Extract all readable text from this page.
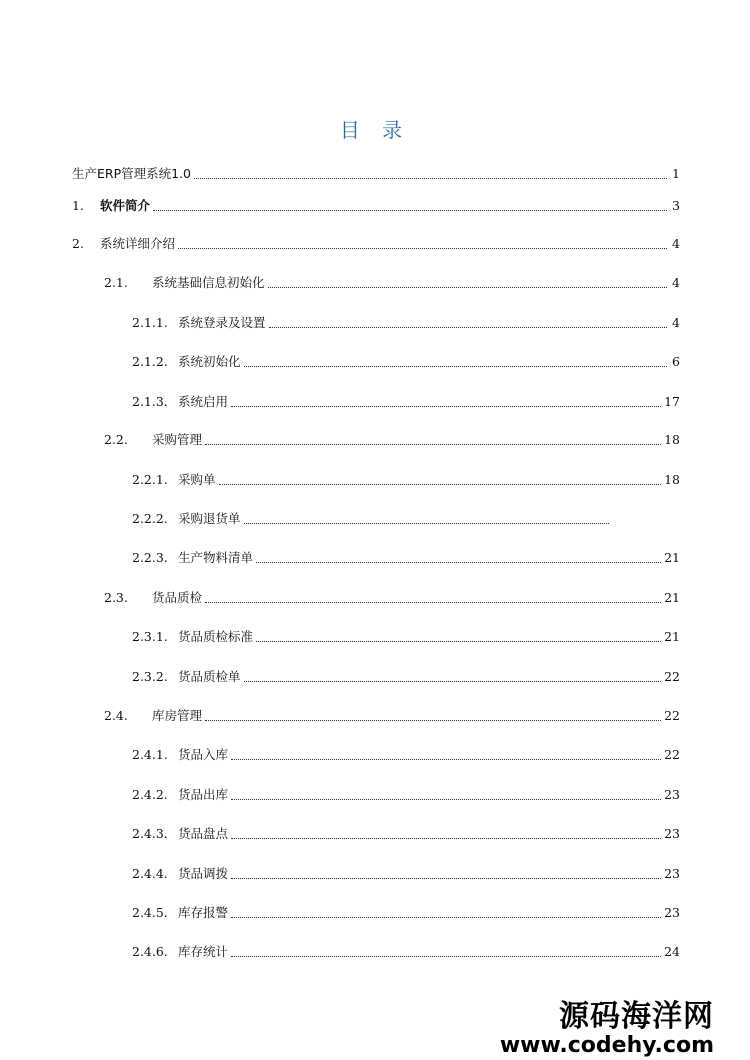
目 录
生产ERP管理系统1.0	1
1.	软件简介	3
2.	系统详细介绍	4
2.1.	系统基础信息初始化	4
2.1.1. 系统登录及设置	4
2.1.2. 系统初始化	6
2.1.3. 系统启用	17
2.2.	采购管理	18
2.2.1. 采购单	18
2.2.2. 采购退货单
2.2.3. 生产物料清单	21
2.3.	货品质检	21
2.3.1. 货品质检标准	21
2.3.2. 货品质检单	22
2.4.	库房管理	22
2.4.1. 货品入库	22
2.4.2. 货品出库	23
2.4.3. 货品盘点	23
2.4.4. 货品调拨	23
2.4.5. 库存报警	23
2.4.6. 库存统计	24
源码海洋网
www.codehy.com
